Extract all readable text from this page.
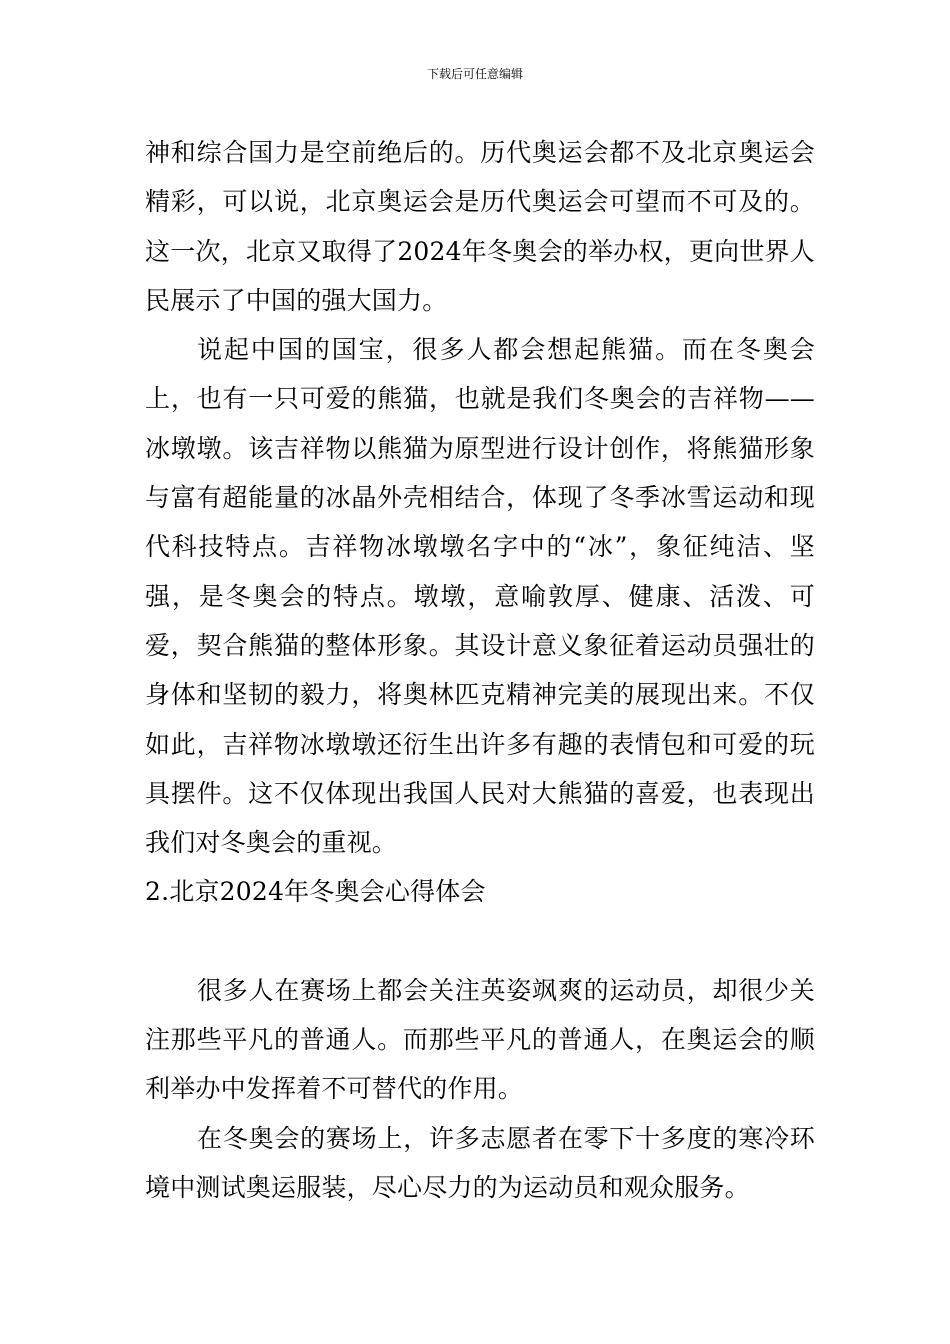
下载后可任意编辑

神和综合国力是空前绝后的。历代奥运会都不及北京奥运会精彩，可以说，北京奥运会是历代奥运会可望而不可及的。这一次，北京又取得了2024年冬奥会的举办权，更向世界人民展示了中国的强大国力。

说起中国的国宝，很多人都会想起熊猫。而在冬奥会上，也有一只可爱的熊猫，也就是我们冬奥会的吉祥物——冰墩墩。该吉祥物以熊猫为原型进行设计创作，将熊猫形象与富有超能量的冰晶外壳相结合，体现了冬季冰雪运动和现代科技特点。吉祥物冰墩墩名字中的“冰”，象征纯洁、坚强，是冬奥会的特点。墩墩，意喻敦厚、健康、活泼、可爱，契合熊猫的整体形象。其设计意义象征着运动员强壮的身体和坚韧的毅力，将奥林匹克精神完美的展现出来。不仅如此，吉祥物冰墩墩还衍生出许多有趣的表情包和可爱的玩具摆件。这不仅体现出我国人民对大熊猫的喜爱，也表现出我们对冬奥会的重视。

2.北京2024年冬奥会心得体会

很多人在赛场上都会关注英姿飒爽的运动员，却很少关注那些平凡的普通人。而那些平凡的普通人，在奥运会的顺利举办中发挥着不可替代的作用。

在冬奥会的赛场上，许多志愿者在零下十多度的寒冷环境中测试奥运服装，尽心尽力的为运动员和观众服务。
